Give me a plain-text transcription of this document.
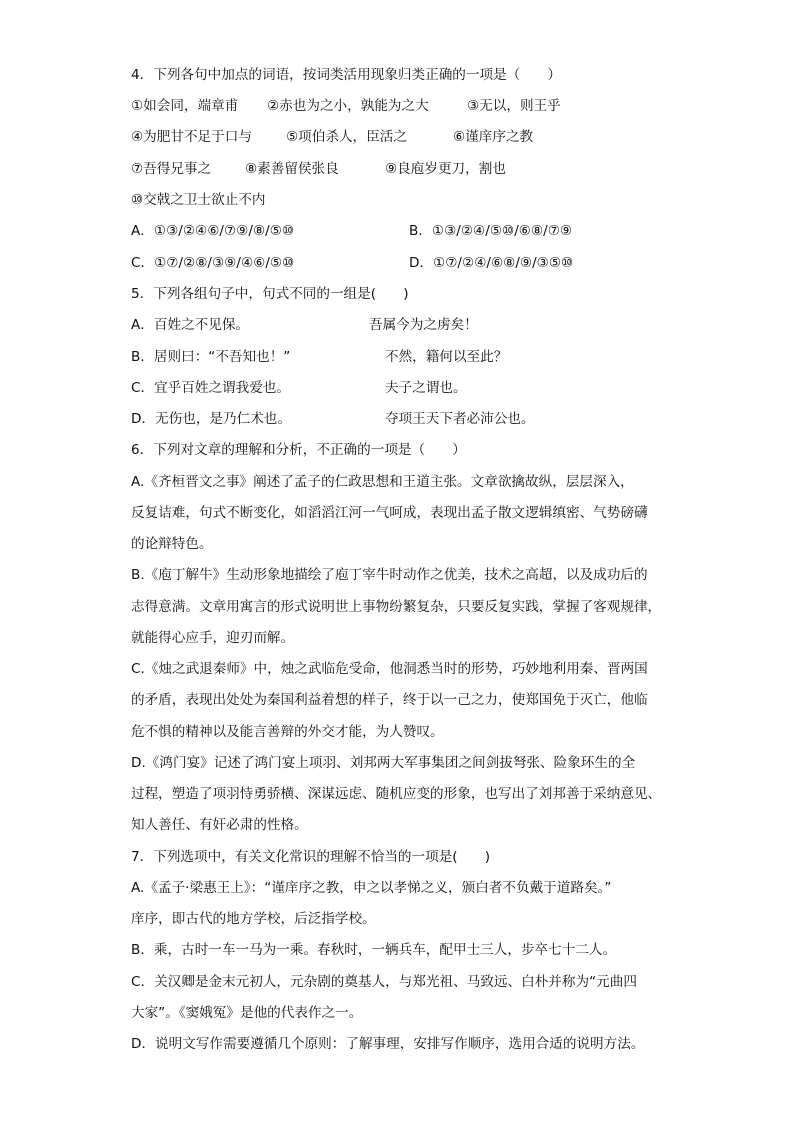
4．下列各句中加点的词语，按词类活用现象归类正确的一项是（　　）
①如会同，端章甫 ②赤也为之小，孰能为之大	③无以，则王乎
④为肥甘不足于口与	⑤项伯杀人，臣活之	⑥谨庠序之教
⑦吾得兄事之 ⑧素善留侯张良	⑨良庖岁更刀，割也
⑩交戟之卫士欲止不内
A．①③/②④⑥/⑦⑨/⑧/⑤⑩	B．①③/②④/⑤⑩/⑥⑧/⑦⑨
C．①⑦/②⑧/③⑨/④⑥/⑤⑩	D．①⑦/②④/⑥⑧/⑨/③⑤⑩
5．下列各组句子中，句式不同的一组是(　　)
A．百姓之不见保。	吾属今为之虏矣！
B．居则曰：“不吾知也！”	不然，籍何以至此？
C．宜乎百姓之谓我爱也。	夫子之谓也。
D．无伤也，是乃仁术也。	夺项王天下者必沛公也。
6．下列对文章的理解和分析，不正确的一项是（　　）
A.《齐桓晋文之事》阐述了孟子的仁政思想和王道主张。文章欲擒故纵，层层深入，
反复诘难，句式不断变化，如滔滔江河一气呵成，表现出孟子散文逻辑缜密、气势磅礴
的论辩特色。
B.《庖丁解牛》生动形象地描绘了庖丁宰牛时动作之优美，技术之高超，以及成功后的
志得意满。文章用寓言的形式说明世上事物纷繁复杂，只要反复实践，掌握了客观规律，
就能得心应手，迎刃而解。
C.《烛之武退秦师》中，烛之武临危受命，他洞悉当时的形势，巧妙地利用秦、晋两国
的矛盾，表现出处处为秦国利益着想的样子，终于以一己之力，使郑国免于灭亡，他临
危不惧的精神以及能言善辩的外交才能，为人赞叹。
D.《鸿门宴》记述了鸿门宴上项羽、刘邦两大军事集团之间剑拔弩张、险象环生的全
过程，塑造了项羽恃勇骄横、深谋远虑、随机应变的形象，也写出了刘邦善于采纳意见、
知人善任、有奸必肃的性格。
7．下列选项中，有关文化常识的理解不恰当的一项是(　　)
A.《孟子·梁惠王上》：“谨庠序之教，申之以孝悌之义，颁白者不负戴于道路矣。”
庠序，即古代的地方学校，后泛指学校。
B．乘，古时一车一马为一乘。春秋时，一辆兵车，配甲士三人，步卒七十二人。
C．关汉卿是金末元初人，元杂剧的奠基人，与郑光祖、马致远、白朴并称为“元曲四
大家”。《窦娥冤》是他的代表作之一。
D．说明文写作需要遵循几个原则：了解事理，安排写作顺序，选用合适的说明方法。
